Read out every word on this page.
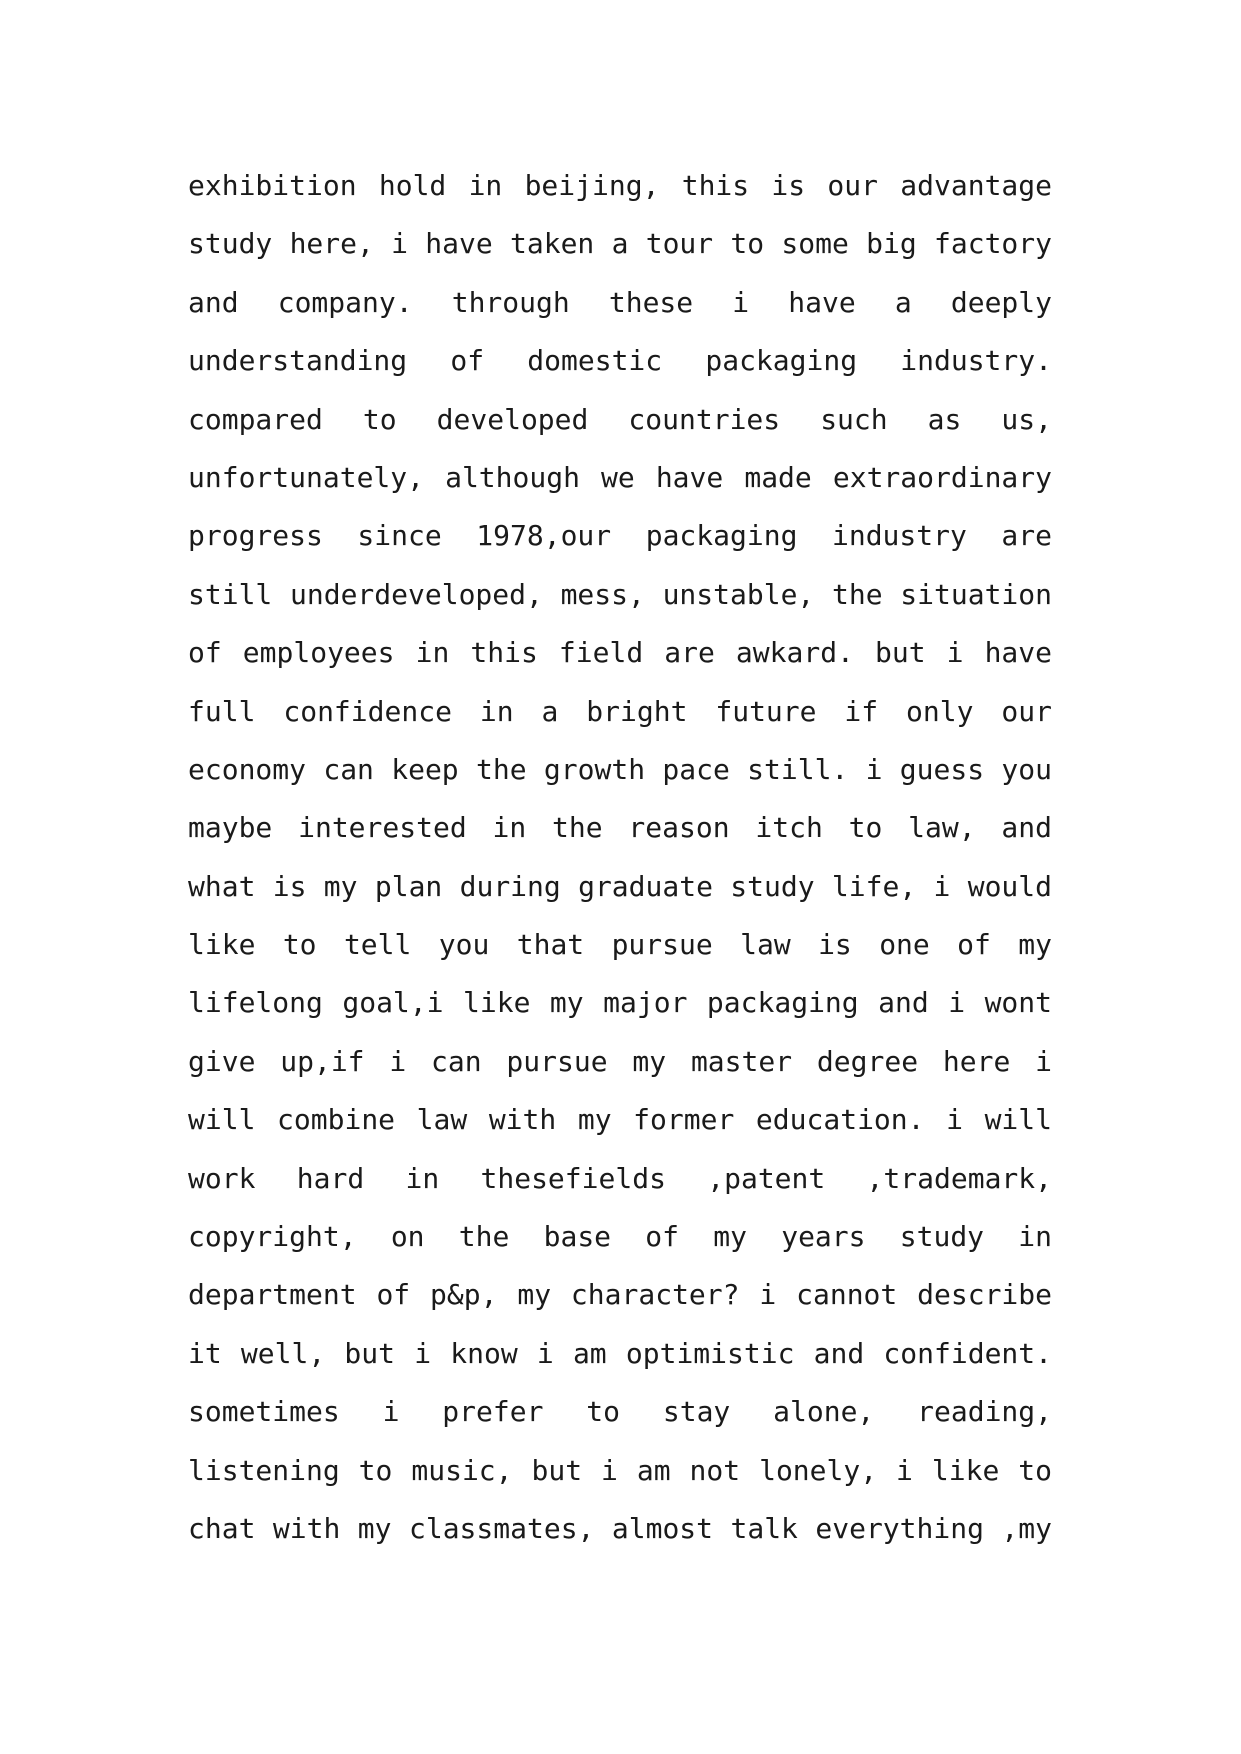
exhibition hold in beijing, this is our advantage
study here, i have taken a tour to some big factory
and company. through these i have a deeply
understanding of domestic packaging industry.
compared to developed countries such as us,
unfortunately, although we have made extraordinary
progress since 1978,our packaging industry are
still underdeveloped, mess, unstable, the situation
of employees in this field are awkard. but i have
full confidence in a bright future if only our
economy can keep the growth pace still. i guess you
maybe interested in the reason itch to law, and
what is my plan during graduate study life, i would
like to tell you that pursue law is one of my
lifelong goal,i like my major packaging and i wont
give up,if i can pursue my master degree here i
will combine law with my former education. i will
work hard in thesefields ,patent ,trademark,
copyright, on the base of my years study in
department of p&p, my character? i cannot describe
it well, but i know i am optimistic and confident.
sometimes i prefer to stay alone, reading,
listening to music, but i am not lonely, i like to
chat with my classmates, almost talk everything ,my
